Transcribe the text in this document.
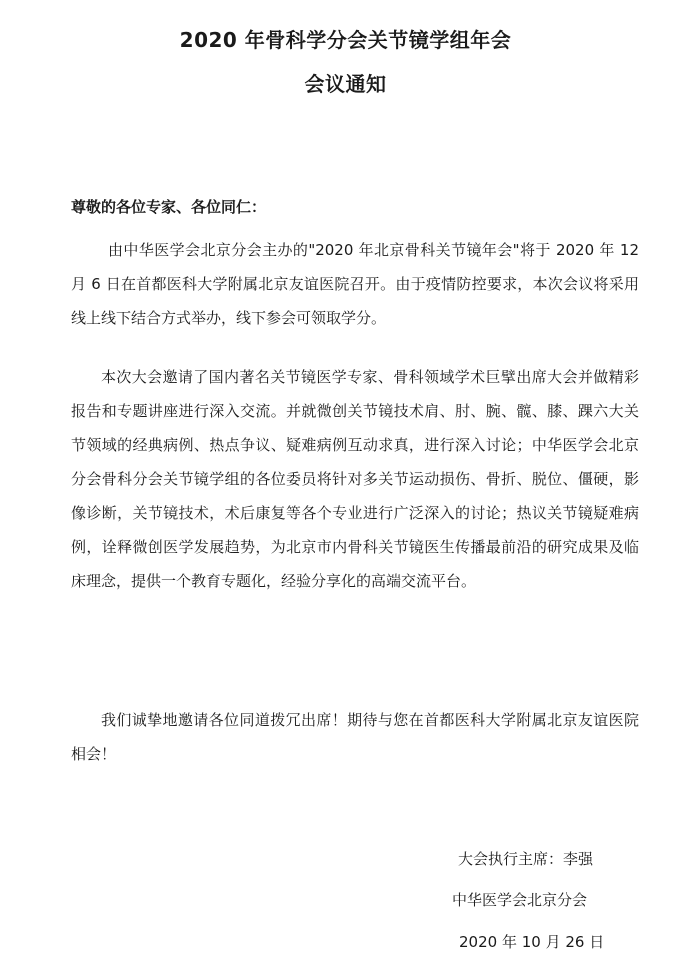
2020 年骨科学分会关节镜学组年会
会议通知

尊敬的各位专家、各位同仁：

由中华医学会北京分会主办的"2020 年北京骨科关节镜年会"将于 2020 年 12 月 6 日在首都医科大学附属北京友谊医院召开。由于疫情防控要求，本次会议将采用线上线下结合方式举办，线下参会可领取学分。

本次大会邀请了国内著名关节镜医学专家、骨科领域学术巨擘出席大会并做精彩报告和专题讲座进行深入交流。并就微创关节镜技术肩、肘、腕、髋、膝、踝六大关节领域的经典病例、热点争议、疑难病例互动求真，进行深入讨论；中华医学会北京分会骨科分会关节镜学组的各位委员将针对多关节运动损伤、骨折、脱位、僵硬，影像诊断，关节镜技术，术后康复等各个专业进行广泛深入的讨论；热议关节镜疑难病例，诠释微创医学发展趋势，为北京市内骨科关节镜医生传播最前沿的研究成果及临床理念，提供一个教育专题化，经验分享化的高端交流平台。

我们诚挚地邀请各位同道拨冗出席！期待与您在首都医科大学附属北京友谊医院相会！

大会执行主席：李强

中华医学会北京分会

2020 年 10 月 26 日
